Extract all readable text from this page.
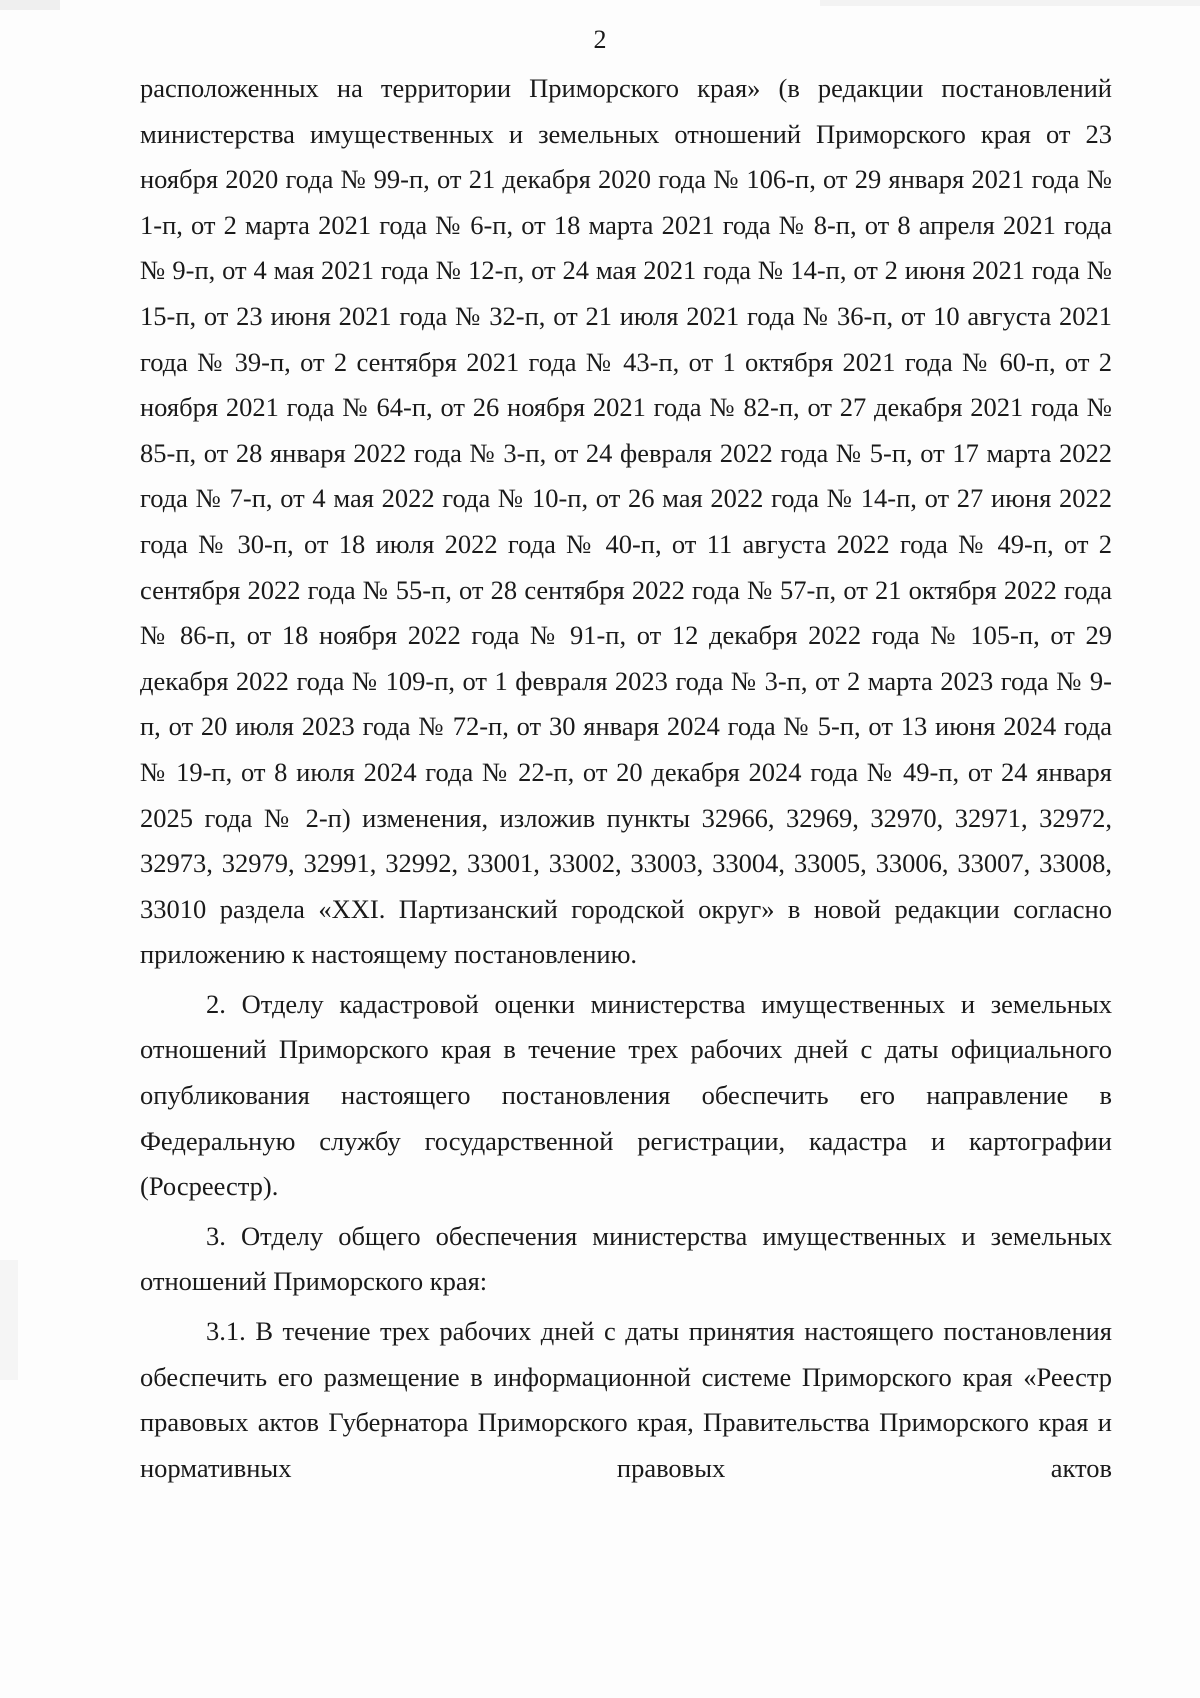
2

расположенных на территории Приморского края» (в редакции постановлений министерства имущественных и земельных отношений Приморского края от 23 ноября 2020 года № 99-п, от 21 декабря 2020 года № 106-п, от 29 января 2021 года № 1-п, от 2 марта 2021 года № 6-п, от 18 марта 2021 года № 8-п, от 8 апреля 2021 года № 9-п, от 4 мая 2021 года № 12-п, от 24 мая 2021 года № 14-п, от 2 июня 2021 года № 15-п, от 23 июня 2021 года № 32-п, от 21 июля 2021 года № 36-п, от 10 августа 2021 года № 39-п, от 2 сентября 2021 года № 43-п, от 1 октября 2021 года № 60-п, от 2 ноября 2021 года № 64-п, от 26 ноября 2021 года № 82-п, от 27 декабря 2021 года № 85-п, от 28 января 2022 года № 3-п, от 24 февраля 2022 года № 5-п, от 17 марта 2022 года № 7-п, от 4 мая 2022 года № 10-п, от 26 мая 2022 года № 14-п, от 27 июня 2022 года № 30-п, от 18 июля 2022 года № 40-п, от 11 августа 2022 года № 49-п, от 2 сентября 2022 года № 55-п, от 28 сентября 2022 года № 57-п, от 21 октября 2022 года № 86-п, от 18 ноября 2022 года № 91-п, от 12 декабря 2022 года № 105-п, от 29 декабря 2022 года № 109-п, от 1 февраля 2023 года № 3-п, от 2 марта 2023 года № 9-п, от 20 июля 2023 года № 72-п, от 30 января 2024 года № 5-п, от 13 июня 2024 года № 19-п, от 8 июля 2024 года № 22-п, от 20 декабря 2024 года № 49-п, от 24 января 2025 года № 2-п) изменения, изложив пункты 32966, 32969, 32970, 32971, 32972, 32973, 32979, 32991, 32992, 33001, 33002, 33003, 33004, 33005, 33006, 33007, 33008, 33010 раздела «XXI. Партизанский городской округ» в новой редакции согласно приложению к настоящему постановлению.

2. Отделу кадастровой оценки министерства имущественных и земельных отношений Приморского края в течение трех рабочих дней с даты официального опубликования настоящего постановления обеспечить его направление в Федеральную службу государственной регистрации, кадастра и картографии (Росреестр).

3. Отделу общего обеспечения министерства имущественных и земельных отношений Приморского края:

3.1. В течение трех рабочих дней с даты принятия настоящего постановления обеспечить его размещение в информационной системе Приморского края «Реестр правовых актов Губернатора Приморского края, Правительства Приморского края и нормативных правовых актов
